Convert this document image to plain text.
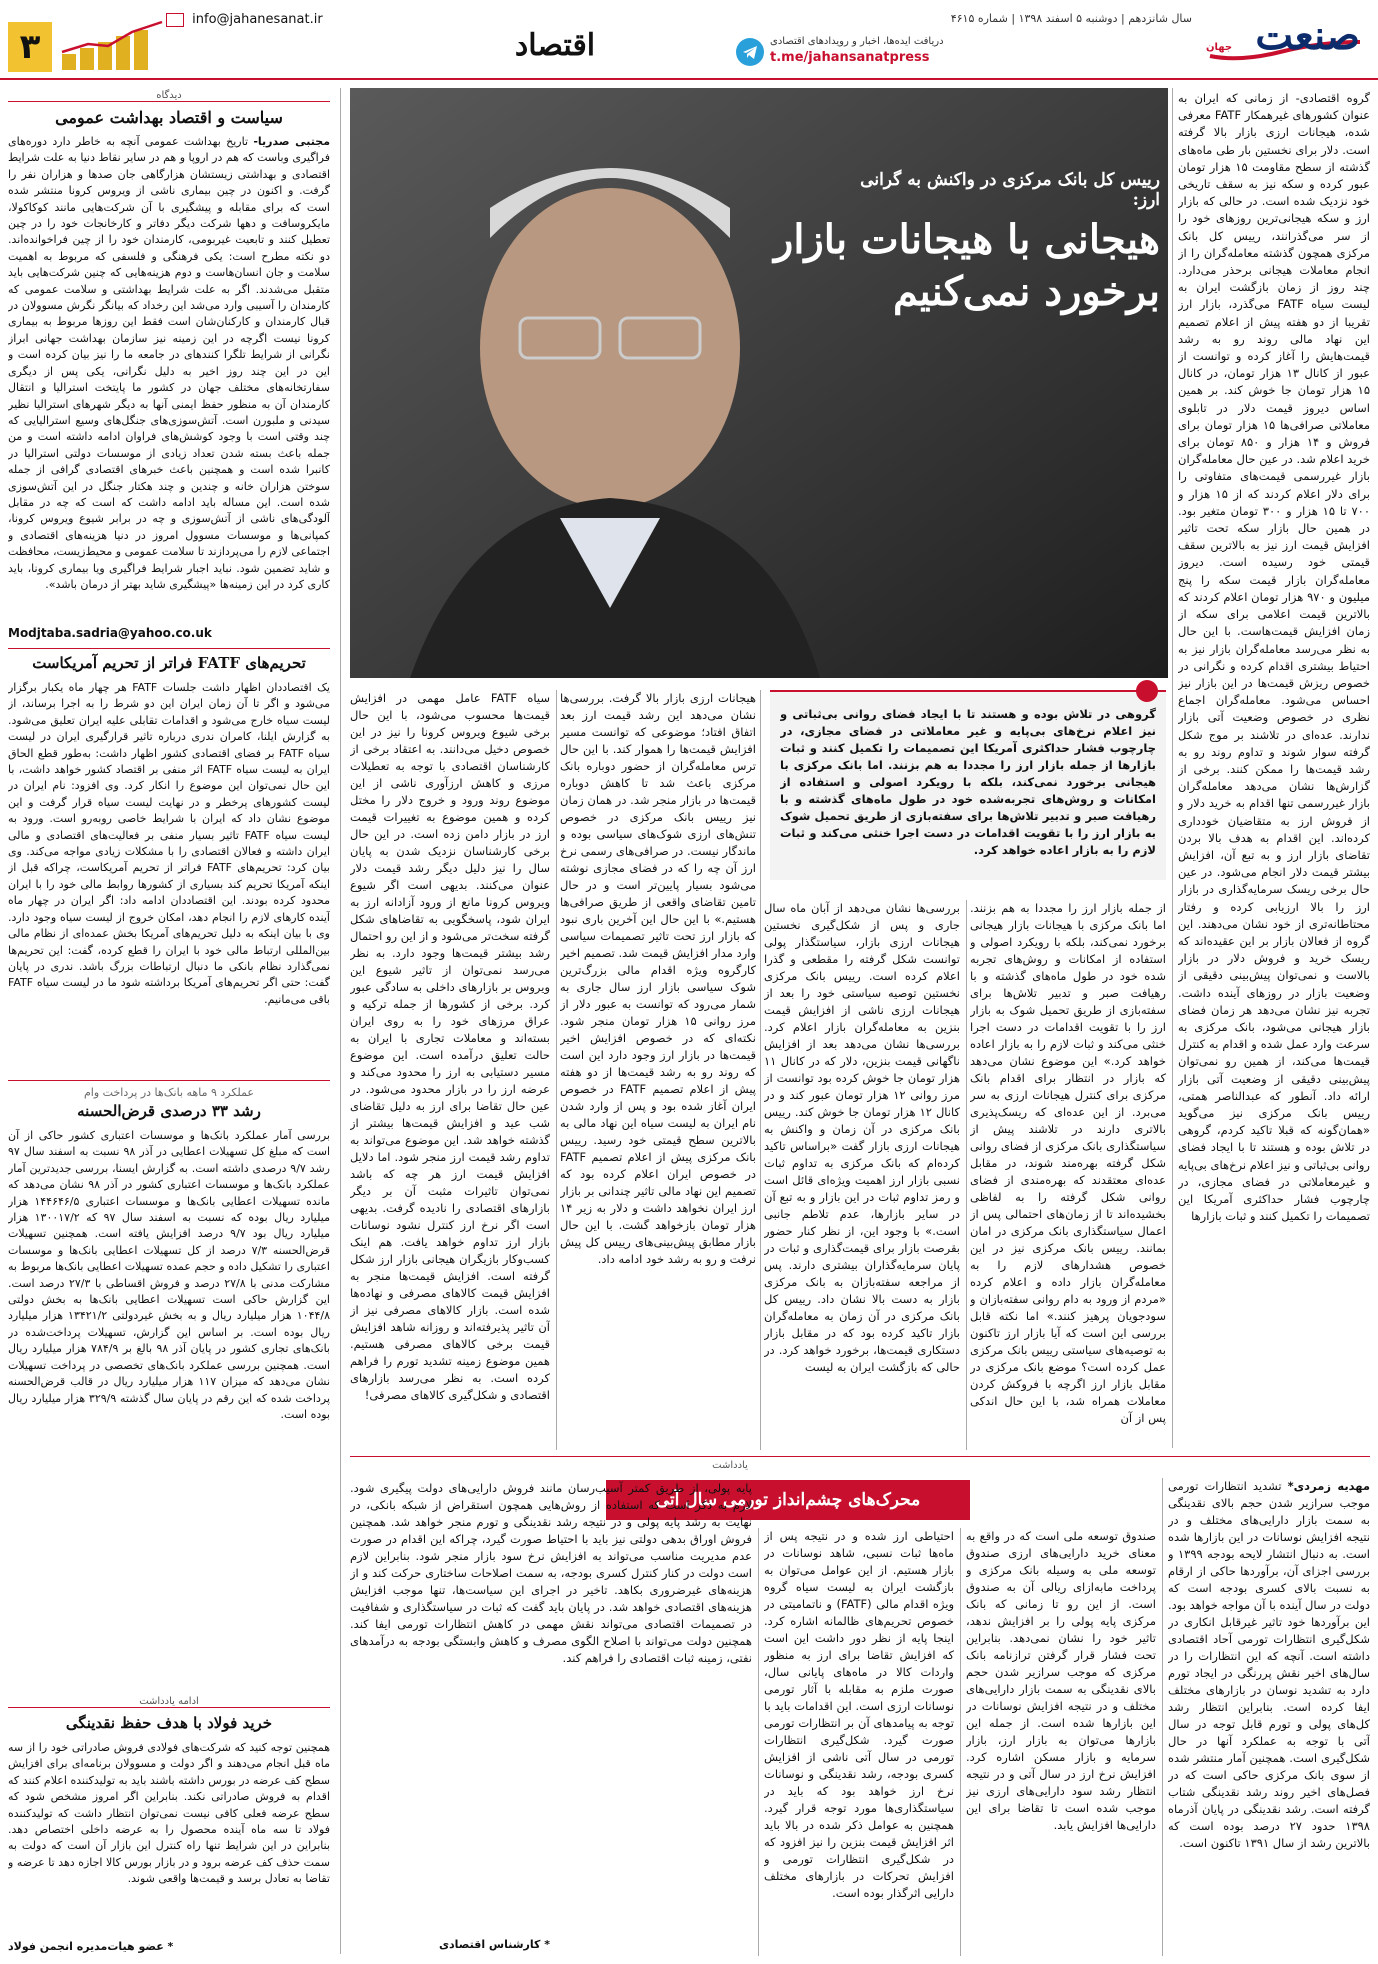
صنعت
جهان
سال شانزدهم | دوشنبه ۵ اسفند ۱۳۹۸ | شماره ۴۶۱۵
دریافت ایده‌ها، اخبار و رویدادهای اقتصادی
t.me/jahansanatpress
اقتصاد
info@jahanesanat.ir
۳
دیدگاه
سیاست و اقتصاد بهداشت عمومی
مجتبی صدریا- تاریخ بهداشت عمومی آنچه به خاطر دارد دوره‌های فراگیری وباست که هم در اروپا و هم در سایر نقاط دنیا به علت شرایط اقتصادی و بهداشتی زیستشان هزارگاهی جان صدها و هزاران نفر را گرفت. و اکنون در چین بیماری ناشی از ویروس کرونا منتشر شده است که برای مقابله و پیشگیری با آن شرکت‌هایی مانند کوکاکولا، مایکروسافت و دهها شرکت دیگر دفاتر و کارخانجات خود را در چین تعطیل کنند و تابعیت غیربومی، کارمندان خود را از چین فراخوانده‌اند. دو نکته مطرح است: یکی فرهنگی و فلسفی که مربوط به اهمیت سلامت و جان انسان‌هاست و دوم هزینه‌هایی که چنین شرکت‌هایی باید متقبل می‌شدند. اگر به علت شرایط بهداشتی و سلامت عمومی که کارمندان را آسیبی وارد می‌شد این رخداد که بیانگر نگرش مسوولان در قبال کارمندان و کارکنان‌شان است فقط این روزها مربوط به بیماری کرونا نیست اگرچه در این زمینه نیز سازمان بهداشت جهانی ابراز نگرانی از شرایط تلگرا کنندهای در جامعه ما را نیز بیان کرده است و این در این چند روز اخیر به دلیل نگرانی، یکی پس از دیگری سفارتخانه‌های مختلف جهان در کشور ما پایتخت استرالیا و انتقال کارمندان آن به منظور حفظ ایمنی آنها به دیگر شهرهای استرالیا نظیر سیدنی و ملبورن است. آتش‌سوزی‌های جنگل‌های وسیع استرالیایی که چند وقتی است با وجود کوشش‌های فراوان ادامه داشته است و من جمله باعث بسته شدن تعداد زیادی از موسسات دولتی استرالیا در کانبرا شده است و همچنین باعث خبرهای اقتصادی گرافی از جمله سوختن هزاران خانه و چندین و چند هکتار جنگل در این آتش‌سوزی شده است. این مساله باید ادامه داشت که است که چه در مقابل آلودگی‌های ناشی از آتش‌سوزی و چه در برابر شیوع ویروس کرونا، کمپانی‌ها و موسسات مسوول امروز در دنیا هزینه‌های اقتصادی و اجتماعی لازم را می‌پردازند تا سلامت عمومی و محیط‌زیست، محافظت و شاید تضمین شود. نباید اجبار شرایط فراگیری ویا بیماری کرونا، باید کاری کرد در این زمینه‌ها «پیشگیری شاید بهتر از درمان باشد».
Modjtaba.sadria@yahoo.co.uk
تحریم‌های FATF فراتر از تحریم آمریکاست
یک اقتصاددان اظهار داشت جلسات FATF هر چهار ماه یکبار برگزار می‌شود و اگر تا آن زمان ایران این دو شرط را به اجرا برساند، از لیست سیاه خارج می‌شود و اقدامات تقابلی علیه ایران تعلیق می‌شود. به گزارش ایلنا، کامران ندری درباره تاثیر قرارگیری ایران در لیست سیاه FATF بر فضای اقتصادی کشور اظهار داشت: به‌طور قطع الحاق ایران به لیست سیاه FATF اثر منفی بر اقتصاد کشور خواهد داشت، با این حال نمی‌توان این موضوع را انکار کرد. وی افزود: نام ایران در لیست کشورهای پرخطر و در نهایت لیست سیاه قرار گرفت و این موضوع نشان داد که ایران با شرایط خاصی روبه‌رو است. ورود به لیست سیاه FATF تاثیر بسیار منفی بر فعالیت‌های اقتصادی و مالی ایران داشته و فعالان اقتصادی را با مشکلات زیادی مواجه می‌کند. وی بیان کرد: تحریم‌های FATF فراتر از تحریم آمریکاست، چراکه قبل از اینکه آمریکا تحریم کند بسیاری از کشورها روابط مالی خود را با ایران محدود کرده بودند. این اقتصاددان ادامه داد: اگر ایران در چهار ماه آینده کارهای لازم را انجام دهد، امکان خروج از لیست سیاه وجود دارد. وی با بیان اینکه به دلیل تحریم‌های آمریکا بخش عمده‌ای از نظام مالی بین‌المللی ارتباط مالی خود با ایران را قطع کرده، گفت: این تحریم‌ها نمی‌گذارد نظام بانکی ما دنبال ارتباطات بزرگ باشد. ندری در پایان گفت: حتی اگر تحریم‌های آمریکا برداشته شود ما در لیست سیاه FATF باقی می‌مانیم.
عملکرد ۹ ماهه بانک‌ها در پرداخت وام
رشد ۳۳ درصدی قرض‌الحسنه
بررسی آمار عملکرد بانک‌ها و موسسات اعتباری کشور حاکی از آن است که مبلغ کل تسهیلات اعطایی در آذر ۹۸ نسبت به اسفند سال ۹۷ رشد ۹/۷ درصدی داشته است. به گزارش ایسنا، بررسی جدیدترین آمار عملکرد بانک‌ها و موسسات اعتباری کشور در آذر ۹۸ نشان می‌دهد که مانده تسهیلات اعطایی بانک‌ها و موسسات اعتباری ۱۴۴۶۴۶/۵ هزار میلیارد ریال بوده که نسبت به اسفند سال ۹۷ که ۱۳۰۰۱۷/۲ هزار میلیارد ریال بود ۹/۷ درصد افزایش یافته است. همچنین تسهیلات قرض‌الحسنه ۷/۳ درصد از کل تسهیلات اعطایی بانک‌ها و موسسات اعتباری را تشکیل داده و حجم عمده تسهیلات اعطایی بانک‌ها مربوط به مشارکت مدنی با ۲۷/۸ درصد و فروش اقساطی با ۲۷/۳ درصد است. این گزارش حاکی است تسهیلات اعطایی بانک‌ها به بخش دولتی ۱۰۴۴/۸ هزار میلیارد ریال و به بخش غیردولتی ۱۳۴۲۱/۲ هزار میلیارد ریال بوده است. بر اساس این گزارش، تسهیلات پرداخت‌شده در بانک‌های تجاری کشور در پایان آذر ۹۸ بالغ بر ۷۸۴/۹ هزار میلیارد ریال است. همچنین بررسی عملکرد بانک‌های تخصصی در پرداخت تسهیلات نشان می‌دهد که میزان ۱۱۷ هزار میلیارد ریال در قالب قرض‌الحسنه پرداخت شده که این رقم در پایان سال گذشته ۳۲۹/۹ هزار میلیارد ریال بوده است.
ادامه یادداشت
خرید فولاد با هدف حفظ نقدینگی
همچنین توجه کنید که شرکت‌های فولادی فروش صادراتی خود را از سه ماه قبل انجام می‌دهند و اگر دولت و مسوولان برنامه‌ای برای افزایش سطح کف عرضه در بورس داشته باشند باید به تولیدکننده اعلام کنند که اقدام به فروش صادراتی نکند. بنابراین اگر امروز مشخص شود که سطح عرضه فعلی کافی نیست نمی‌توان انتظار داشت که تولیدکننده فولاد تا سه ماه آینده محصول را به عرضه داخلی اختصاص دهد. بنابراین در این شرایط تنها راه کنترل این بازار آن است که دولت به سمت حذف کف عرضه برود و در بازار بورس کالا اجازه دهد تا عرضه و تقاضا به تعادل برسد و قیمت‌ها واقعی شوند.
* عضو هیات‌مدیره انجمن فولاد
رییس کل بانک مرکزی در واکنش به گرانی ارز:
هیجانی با هیجانات بازار
برخورد نمی‌کنیم
گروه اقتصادی- از زمانی که ایران به عنوان کشورهای غیرهمکار FATF معرفی شده، هیجانات ارزی بازار بالا گرفته است. دلار برای نخستین بار طی ماه‌های گذشته از سطح مقاومت ۱۵ هزار تومان عبور کرده و سکه نیز به سقف تاریخی خود نزدیک شده است. در حالی که بازار ارز و سکه هیجانی‌ترین روزهای خود را از سر می‌گذرانند، رییس کل بانک مرکزی همچون گذشته معامله‌گران را از انجام معاملات هیجانی برحذر می‌دارد. چند روز از زمان بازگشت ایران به لیست سیاه FATF می‌گذرد، بازار ارز تقریبا از دو هفته پیش از اعلام تصمیم این نهاد مالی روند رو به رشد قیمت‌هایش را آغاز کرده و توانست از عبور از کانال ۱۳ هزار تومان، در کانال ۱۵ هزار تومان جا خوش کند. بر همین اساس دیروز قیمت دلار در تابلوی معاملاتی صرافی‌ها ۱۵ هزار تومان برای فروش و ۱۴ هزار و ۸۵۰ تومان برای خرید اعلام شد. در عین حال معامله‌گران بازار غیررسمی قیمت‌های متفاوتی را برای دلار اعلام کردند که از ۱۵ هزار و ۷۰۰ تا ۱۵ هزار و ۳۰۰ تومان متغیر بود. در همین حال بازار سکه تحت تاثیر افزایش قیمت ارز نیز به بالاترین سقف قیمتی خود رسیده است. دیروز معامله‌گران بازار قیمت سکه را پنج میلیون و ۹۷۰ هزار تومان اعلام کردند که بالاترین قیمت اعلامی برای سکه از زمان افزایش قیمت‌هاست. با این حال به نظر می‌رسد معامله‌گران بازار نیز به احتیاط بیشتری اقدام کرده و نگرانی در خصوص ریزش قیمت‌ها در این بازار نیز احساس می‌شود. معامله‌گران اجماع نظری در خصوص وضعیت آتی بازار ندارند. عده‌ای در تلاشند بر موج شکل گرفته سوار شوند و تداوم روند رو به رشد قیمت‌ها را ممکن کنند. برخی از گزارش‌ها نشان می‌دهد معامله‌گران بازار غیررسمی تنها اقدام به خرید دلار و از فروش ارز به متقاضیان خودداری کرده‌اند. این اقدام به هدف بالا بردن تقاضای بازار ارز و به تبع آن، افزایش بیشتر قیمت دلار انجام می‌شود. در عین حال برخی ریسک سرمایه‌گذاری در بازار ارز را بالا ارزیابی کرده و رفتار محتاطانه‌تری از خود نشان می‌دهند. این گروه از فعالان بازار بر این عقیده‌اند که ریسک خرید و فروش دلار در بازار بالاست و نمی‌توان پیش‌بینی دقیقی از وضعیت بازار در روزهای آینده داشت. تجربه نیز نشان می‌دهد هر زمان فضای بازار هیجانی می‌شود، بانک مرکزی به سرعت وارد عمل شده و اقدام به کنترل قیمت‌ها می‌کند، از همین رو نمی‌توان پیش‌بینی دقیقی از وضعیت آتی بازار ارائه داد. آنطور که عبدالناصر همتی، رییس بانک مرکزی نیز می‌گوید «همان‌گونه که قبلا تاکید کردم، گروهی در تلاش بوده و هستند تا با ایجاد فضای روانی بی‌ثباتی و نیز اعلام نرخ‌های بی‌پایه و غیرمعاملاتی در فضای مجازی، در چارچوب فشار حداکثری آمریکا این تصمیمات را تکمیل کنند و ثبات بازارها
گروهی در تلاش بوده و هستند تا با ایجاد فضای روانی بی‌ثباتی و نیز اعلام نرخ‌های بی‌پایه و غیر معاملاتی در فضای مجازی، در چارچوب فشار حداکثری آمریکا این تصمیمات را تکمیل کنند و ثبات بازارها از جمله بازار ارز را مجددا به هم بزنند. اما بانک مرکزی با هیجانی برخورد نمی‌کند، بلکه با رویکرد اصولی و استفاده از امکانات و روش‌های تجربه‌شده خود در طول ماه‌های گذشته و با رهیافت صبر و تدبیر تلاش‌ها برای سفته‌بازی از طریق تحمیل شوک به بازار ارز را با تقویت اقدامات در دست اجرا خنثی می‌کند و ثبات لازم را به بازار اعاده خواهد کرد.
از جمله بازار ارز را مجددا به هم بزنند. اما بانک مرکزی با هیجانات بازار هیجانی برخورد نمی‌کند، بلکه با رویکرد اصولی و استفاده از امکانات و روش‌های تجربه شده خود در طول ماه‌های گذشته و با رهیافت صبر و تدبیر تلاش‌ها برای سفته‌بازی از طریق تحمیل شوک به بازار ارز را با تقویت اقدامات در دست اجرا خنثی می‌کند و ثبات لازم را به بازار اعاده خواهد کرد.» این موضوع نشان می‌دهد که بازار در انتظار برای اقدام بانک مرکزی برای کنترل هیجانات ارزی به سر می‌برد. از این عده‌ای که ریسک‌پذیری بالاتری دارند در تلاشند پیش از سیاستگذاری بانک مرکزی از فضای روانی شکل گرفته بهره‌مند شوند، در مقابل عده‌ای معتقدند که بهره‌مندی از فضای روانی شکل گرفته را به لفاظی بخشیده‌اند تا از زمان‌های احتمالی پس از اعمال سیاستگذاری بانک مرکزی در امان بمانند. رییس بانک مرکزی نیز در این خصوص هشدارهای لازم را به معامله‌گران بازار داده و اعلام کرده «مردم از ورود به دام روانی سفته‌بازان و سودجویان پرهیز کنند.» اما نکته قابل بررسی این است که آیا بازار ارز تاکنون به توصیه‌های سیاستی رییس بانک مرکزی عمل کرده است؟ موضع بانک مرکزی در مقابل بازار ارز اگرچه با فروکش کردن معاملات همراه شد، با این حال اندکی پس از آن
بررسی‌ها نشان می‌دهد از آبان ماه سال جاری و پس از شکل‌گیری نخستین هیجانات ارزی بازار، سیاستگذار پولی توانست شکل گرفته را مقطعی و گذرا اعلام کرده است. رییس بانک مرکزی نخستین توصیه سیاستی خود را بعد از هیجانات ارزی ناشی از افزایش قیمت بنزین به معامله‌گران بازار اعلام کرد. بررسی‌ها نشان می‌دهد بعد از افزایش ناگهانی قیمت بنزین، دلار که در کانال ۱۱ هزار تومان جا خوش کرده بود توانست از مرز روانی ۱۲ هزار تومان عبور کند و در کانال ۱۲ هزار تومان جا خوش کند. رییس بانک مرکزی در آن زمان و واکنش به هیجانات ارزی بازار گفت «براساس تاکید کرده‌ام که بانک مرکزی به تداوم ثبات نسبی بازار ارز اهمیت ویژه‌ای قائل است و رمز تداوم ثبات در این بازار و به تبع آن در سایر بازارها، عدم تلاطم جانبی است.» با وجود این، از نظر کنار حضور بقرصت بازار برای قیمت‌گذاری و ثبات در پایان سرمایه‌گذاران بیشتری دارند. پس از مراجعه سفته‌بازان به بانک مرکزی بازار به دست بالا نشان داد. رییس کل بانک مرکزی در آن زمان به معامله‌گران بازار تاکید کرده بود که در مقابل بازار دستکاری قیمت‌ها، برخورد خواهد کرد. در حالی که بازگشت ایران به لیست
هیجانات ارزی بازار بالا گرفت. بررسی‌ها نشان می‌دهد این رشد قیمت ارز بعد اتفاق افتاد؛ موضوعی که توانست مسیر افزایش قیمت‌ها را هموار کند. با این حال ترس معامله‌گران از حضور دوباره بانک مرکزی باعث شد تا کاهش دوباره قیمت‌ها در بازار منجر شد. در همان زمان نیز رییس بانک مرکزی در خصوص تنش‌های ارزی شوک‌های سیاسی بوده و ماندگار نیست. در صرافی‌های رسمی نرخ ارز آن چه را که در فضای مجازی نوشته می‌شود بسیار پایین‌تر است و در حال تامین تقاضای واقعی از طریق صرافی‌ها هستیم.» با این حال این آخرین باری نبود که بازار ارز تحت تاثیر تصمیمات سیاسی وارد مدار افزایش قیمت شد. تصمیم اخیر کارگروه ویژه اقدام مالی بزرگ‌ترین شوک سیاسی بازار ارز سال جاری به شمار می‌رود که توانست به عبور دلار از مرز روانی ۱۵ هزار تومان منجر شود. نکته‌ای که در خصوص افزایش اخیر قیمت‌ها در بازار ارز وجود دارد این است که روند رو به رشد قیمت‌ها از دو هفته پیش از اعلام تصمیم FATF در خصوص ایران آغاز شده بود و پس از وارد شدن نام ایران به لیست سیاه این نهاد مالی به بالاترین سطح قیمتی خود رسید. رییس بانک مرکزی پیش از اعلام تصمیم FATF در خصوص ایران اعلام کرده بود که تصمیم این نهاد مالی تاثیر چندانی بر بازار ارز ایران نخواهد داشت و دلار به زیر ۱۴ هزار تومان بازخواهد گشت. با این حال بازار مطابق پیش‌بینی‌های رییس کل پیش نرفت و رو به رشد خود ادامه داد.
سیاه FATF عامل مهمی در افزایش قیمت‌ها محسوب می‌شود، با این حال برخی شیوع ویروس کرونا را نیز در این خصوص دخیل می‌دانند. به اعتقاد برخی از کارشناسان اقتصادی با توجه به تعطیلات مرزی و کاهش ارزآوری ناشی از این موضوع روند ورود و خروج دلار را مختل کرده و همین موضوع به تغییرات قیمت ارز در بازار دامن زده است. در این حال برخی کارشناسان نزدیک شدن به پایان سال را نیز دلیل دیگر رشد قیمت دلار عنوان می‌کنند. بدیهی است اگر شیوع ویروس کرونا مانع از ورود آزادانه ارز به ایران شود، پاسخگویی به تقاضاهای شکل گرفته سخت‌تر می‌شود و از این رو احتمال رشد بیشتر قیمت‌ها وجود دارد. به نظر می‌رسد نمی‌توان از تاثیر شیوع این ویروس بر بازارهای داخلی به سادگی عبور کرد. برخی از کشورها از جمله ترکیه و عراق مرزهای خود را به روی ایران بسته‌اند و معاملات تجاری با ایران به حالت تعلیق درآمده است. این موضوع مسیر دستیابی به ارز را محدود می‌کند و عرضه ارز را در بازار محدود می‌شود. در عین حال تقاضا برای ارز به دلیل تقاضای شب عید و افزایش قیمت‌ها بیشتر از گذشته خواهد شد. این موضوع می‌تواند به تداوم رشد قیمت ارز منجر شود. اما دلایل افزایش قیمت ارز هر چه که باشد نمی‌توان تاثیرات مثبت آن بر دیگر بازارهای اقتصادی را نادیده گرفت. بدیهی است اگر نرخ ارز کنترل نشود نوسانات بازار ارز تداوم خواهد یافت. هم اینک کسب‌وکار بازیگران هیجانی بازار ارز شکل گرفته است. افزایش قیمت‌ها منجر به افزایش قیمت کالاهای مصرفی و نهاده‌ها شده است. بازار کالاهای مصرفی نیز از آن تاثیر پذیرفته‌اند و روزانه شاهد افزایش قیمت برخی کالاهای مصرفی هستیم. همین موضوع زمینه تشدید تورم را فراهم کرده است. به نظر می‌رسد بازارهای اقتصادی و شکل‌گیری کالاهای مصرفی!
یادداشت
محرک‌های چشم‌انداز تورمی سال آتی
مهدیه زمردی* تشدید انتظارات تورمی موجب سرازیر شدن حجم بالای نقدینگی به سمت بازار دارایی‌های مختلف و در نتیجه افزایش نوسانات در این بازارها شده است. به دنبال انتشار لایحه بودجه ۱۳۹۹ و بررسی اجزای آن، برآوردها حاکی از ارقام به نسبت بالای کسری بودجه است که دولت در سال آینده با آن مواجه خواهد بود. این برآوردها خود تاثیر غیرقابل انکاری در شکل‌گیری انتظارات تورمی آحاد اقتصادی داشته است. آنچه که این انتظارات را در سال‌های اخیر نقش پررنگی در ایجاد تورم دارد به تشدید نوسان در بازارهای مختلف ایفا کرده است. بنابراین انتظار رشد کل‌های پولی و تورم قابل توجه در سال آتی با توجه به عملکرد آنها در حال شکل‌گیری است. همچنین آمار منتشر شده از سوی بانک مرکزی حاکی است که در فصل‌های اخیر روند رشد نقدینگی شتاب گرفته است. رشد نقدینگی در پایان آذرماه ۱۳۹۸ حدود ۲۷ درصد بوده است که بالاترین رشد از سال ۱۳۹۱ تاکنون است.
صندوق توسعه ملی است که در واقع به معنای خرید دارایی‌های ارزی صندوق توسعه ملی به وسیله بانک مرکزی و پرداخت ما‌به‌ازای ریالی آن به صندوق است. از این رو تا زمانی که بانک مرکزی پایه پولی را بر افزایش ندهد، تاثیر خود را نشان نمی‌دهد. بنابراین تحت فشار قرار گرفتن ترازنامه بانک مرکزی که موجب سرازیر شدن حجم بالای نقدینگی به سمت بازار دارایی‌های مختلف و در نتیجه افزایش نوسانات در این بازارها شده است. از جمله این بازارها می‌توان به بازار ارز، بازار سرمایه و بازار مسکن اشاره کرد. افزایش نرخ ارز در سال آتی و در نتیجه انتظار رشد سود دارایی‌های ارزی نیز موجب شده است تا تقاضا برای این دارایی‌ها افزایش یابد.
احتیاطی ارز شده و در نتیجه پس از ماه‌ها ثبات نسبی، شاهد نوسانات در بازار هستیم. از این عوامل می‌توان به بازگشت ایران به لیست سیاه گروه ویژه اقدام مالی (FATF) و ناتمامیتی در خصوص تحریم‌های ظالمانه اشاره کرد. اینجا پایه از نظر دور داشت این است که افزایش تقاضا برای ارز به منظور واردات کالا در ماه‌های پایانی سال، صورت ملزم به مقابله با آثار تورمی نوسانات ارزی است. این اقدامات باید با توجه به پیامدهای آن بر انتظارات تورمی صورت گیرد. شکل‌گیری انتظارات تورمی در سال آتی ناشی از افزایش کسری بودجه، رشد نقدینگی و نوسانات نرخ ارز خواهد بود که باید در سیاستگذاری‌ها مورد توجه قرار گیرد. همچنین به عوامل ذکر شده در بالا باید اثر افزایش قیمت بنزین را نیز افزود که در شکل‌گیری انتظارات تورمی و افزایش تحرکات در بازارهای مختلف دارایی اثرگذار بوده است.
پایه پولی، از طریق کمتر آسیب‌رسان مانند فروش دارایی‌های دولت پیگیری شود. لازم به ذکر است که استفاده از روش‌هایی همچون استقراض از شبکه بانکی، در نهایت به رشد پایه پولی و در نتیجه رشد نقدینگی و تورم منجر خواهد شد. همچنین فروش اوراق بدهی دولتی نیز باید با احتیاط صورت گیرد، چراکه این اقدام در صورت عدم مدیریت مناسب می‌تواند به افزایش نرخ سود بازار منجر شود. بنابراین لازم است دولت در کنار کنترل کسری بودجه، به سمت اصلاحات ساختاری حرکت کند و از هزینه‌های غیرضروری بکاهد. تاخیر در اجرای این سیاست‌ها، تنها موجب افزایش هزینه‌های اقتصادی خواهد شد. در پایان باید گفت که ثبات در سیاستگذاری و شفافیت در تصمیمات اقتصادی می‌تواند نقش مهمی در کاهش انتظارات تورمی ایفا کند. همچنین دولت می‌تواند با اصلاح الگوی مصرف و کاهش وابستگی بودجه به درآمدهای نفتی، زمینه ثبات اقتصادی را فراهم کند.
* کارشناس اقتصادی
